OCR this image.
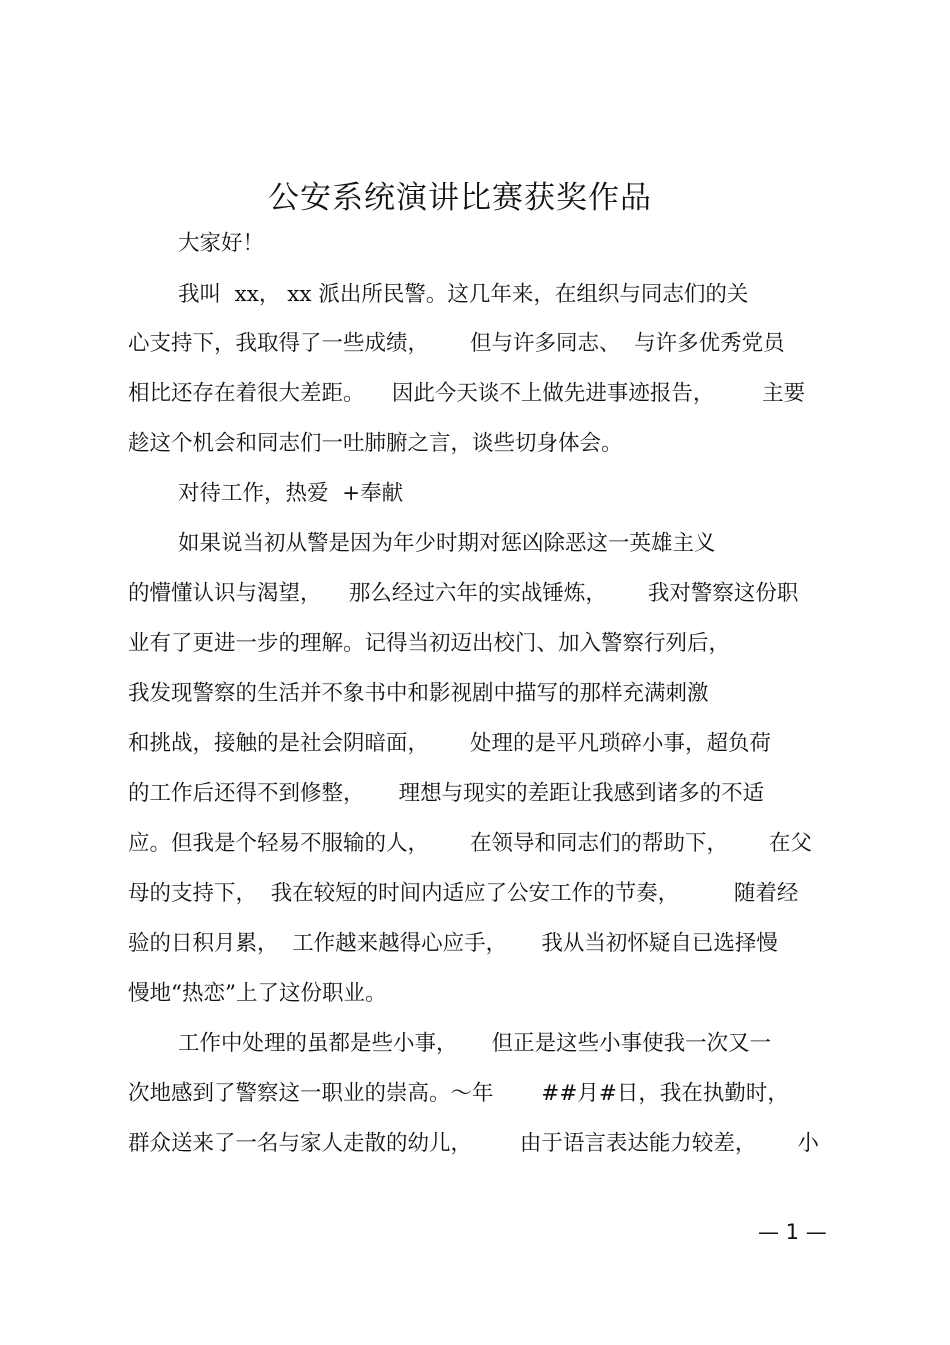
公安系统演讲比赛获奖作品
大家好！
我叫  xx， xx 派出所民警。这几年来，在组织与同志们的关
心支持下，我取得了一些成绩，      但与许多同志、  与许多优秀党员
相比还存在着很大差距。    因此今天谈不上做先进事迹报告，       主要
趁这个机会和同志们一吐肺腑之言，谈些切身体会。
对待工作，热爱  +奉献
如果说当初从警是因为年少时期对惩凶除恶这一英雄主义
的懵懂认识与渴望，    那么经过六年的实战锤炼，      我对警察这份职
业有了更进一步的理解。记得当初迈出校门、加入警察行列后，
我发现警察的生活并不象书中和影视剧中描写的那样充满刺激
和挑战，接触的是社会阴暗面，      处理的是平凡琐碎小事，超负荷
的工作后还得不到修整，     理想与现实的差距让我感到诸多的不适
应。但我是个轻易不服输的人，      在领导和同志们的帮助下，      在父
母的支持下，  我在较短的时间内适应了公安工作的节奏，        随着经
验的日积月累，  工作越来越得心应手，     我从当初怀疑自已选择慢
慢地“热恋”上了这份职业。
工作中处理的虽都是些小事，     但正是这些小事使我一次又一
次地感到了警察这一职业的崇高。～年       ##月#日，我在执勤时，
群众送来了一名与家人走散的幼儿，       由于语言表达能力较差，      小
— 1 —
